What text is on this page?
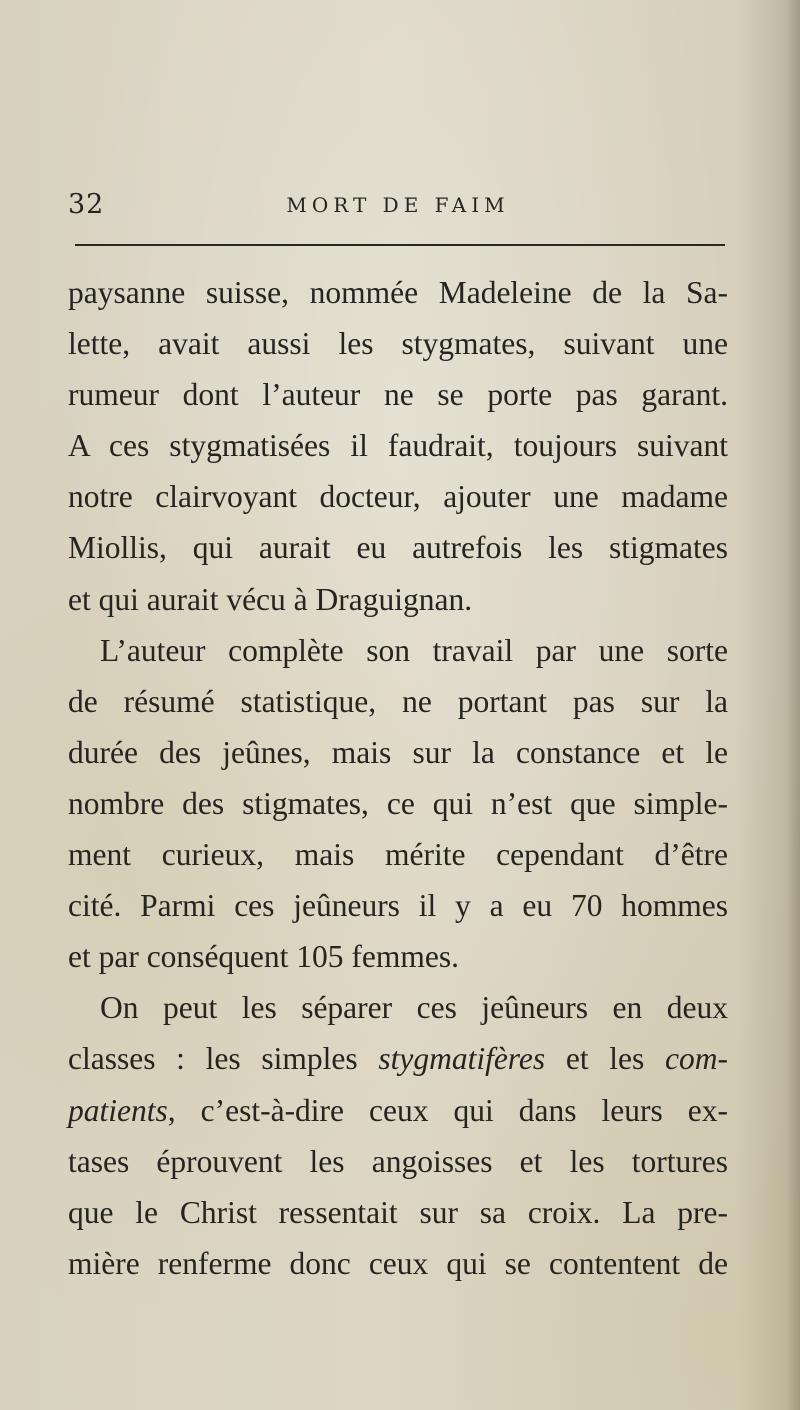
32	MORT DE FAIM
paysanne suisse, nommée Madeleine de la Sa-
lette, avait aussi les stygmates, suivant une
rumeur dont l’auteur ne se porte pas garant.
A ces stygmatisées il faudrait, toujours suivant
notre clairvoyant docteur, ajouter une madame
Miollis, qui aurait eu autrefois les stigmates
et qui aurait vécu à Draguignan.
L’auteur complète son travail par une sorte
de résumé statistique, ne portant pas sur la
durée des jeûnes, mais sur la constance et le
nombre des stigmates, ce qui n’est que simple-
ment curieux, mais mérite cependant d’être
cité. Parmi ces jeûneurs il y a eu 70 hommes
et par conséquent 105 femmes.
On peut les séparer ces jeûneurs en deux
classes : les simples stygmatifères et les com-
patients, c’est-à-dire ceux qui dans leurs ex-
tases éprouvent les angoisses et les tortures
que le Christ ressentait sur sa croix. La pre-
mière renferme donc ceux qui se contentent de
